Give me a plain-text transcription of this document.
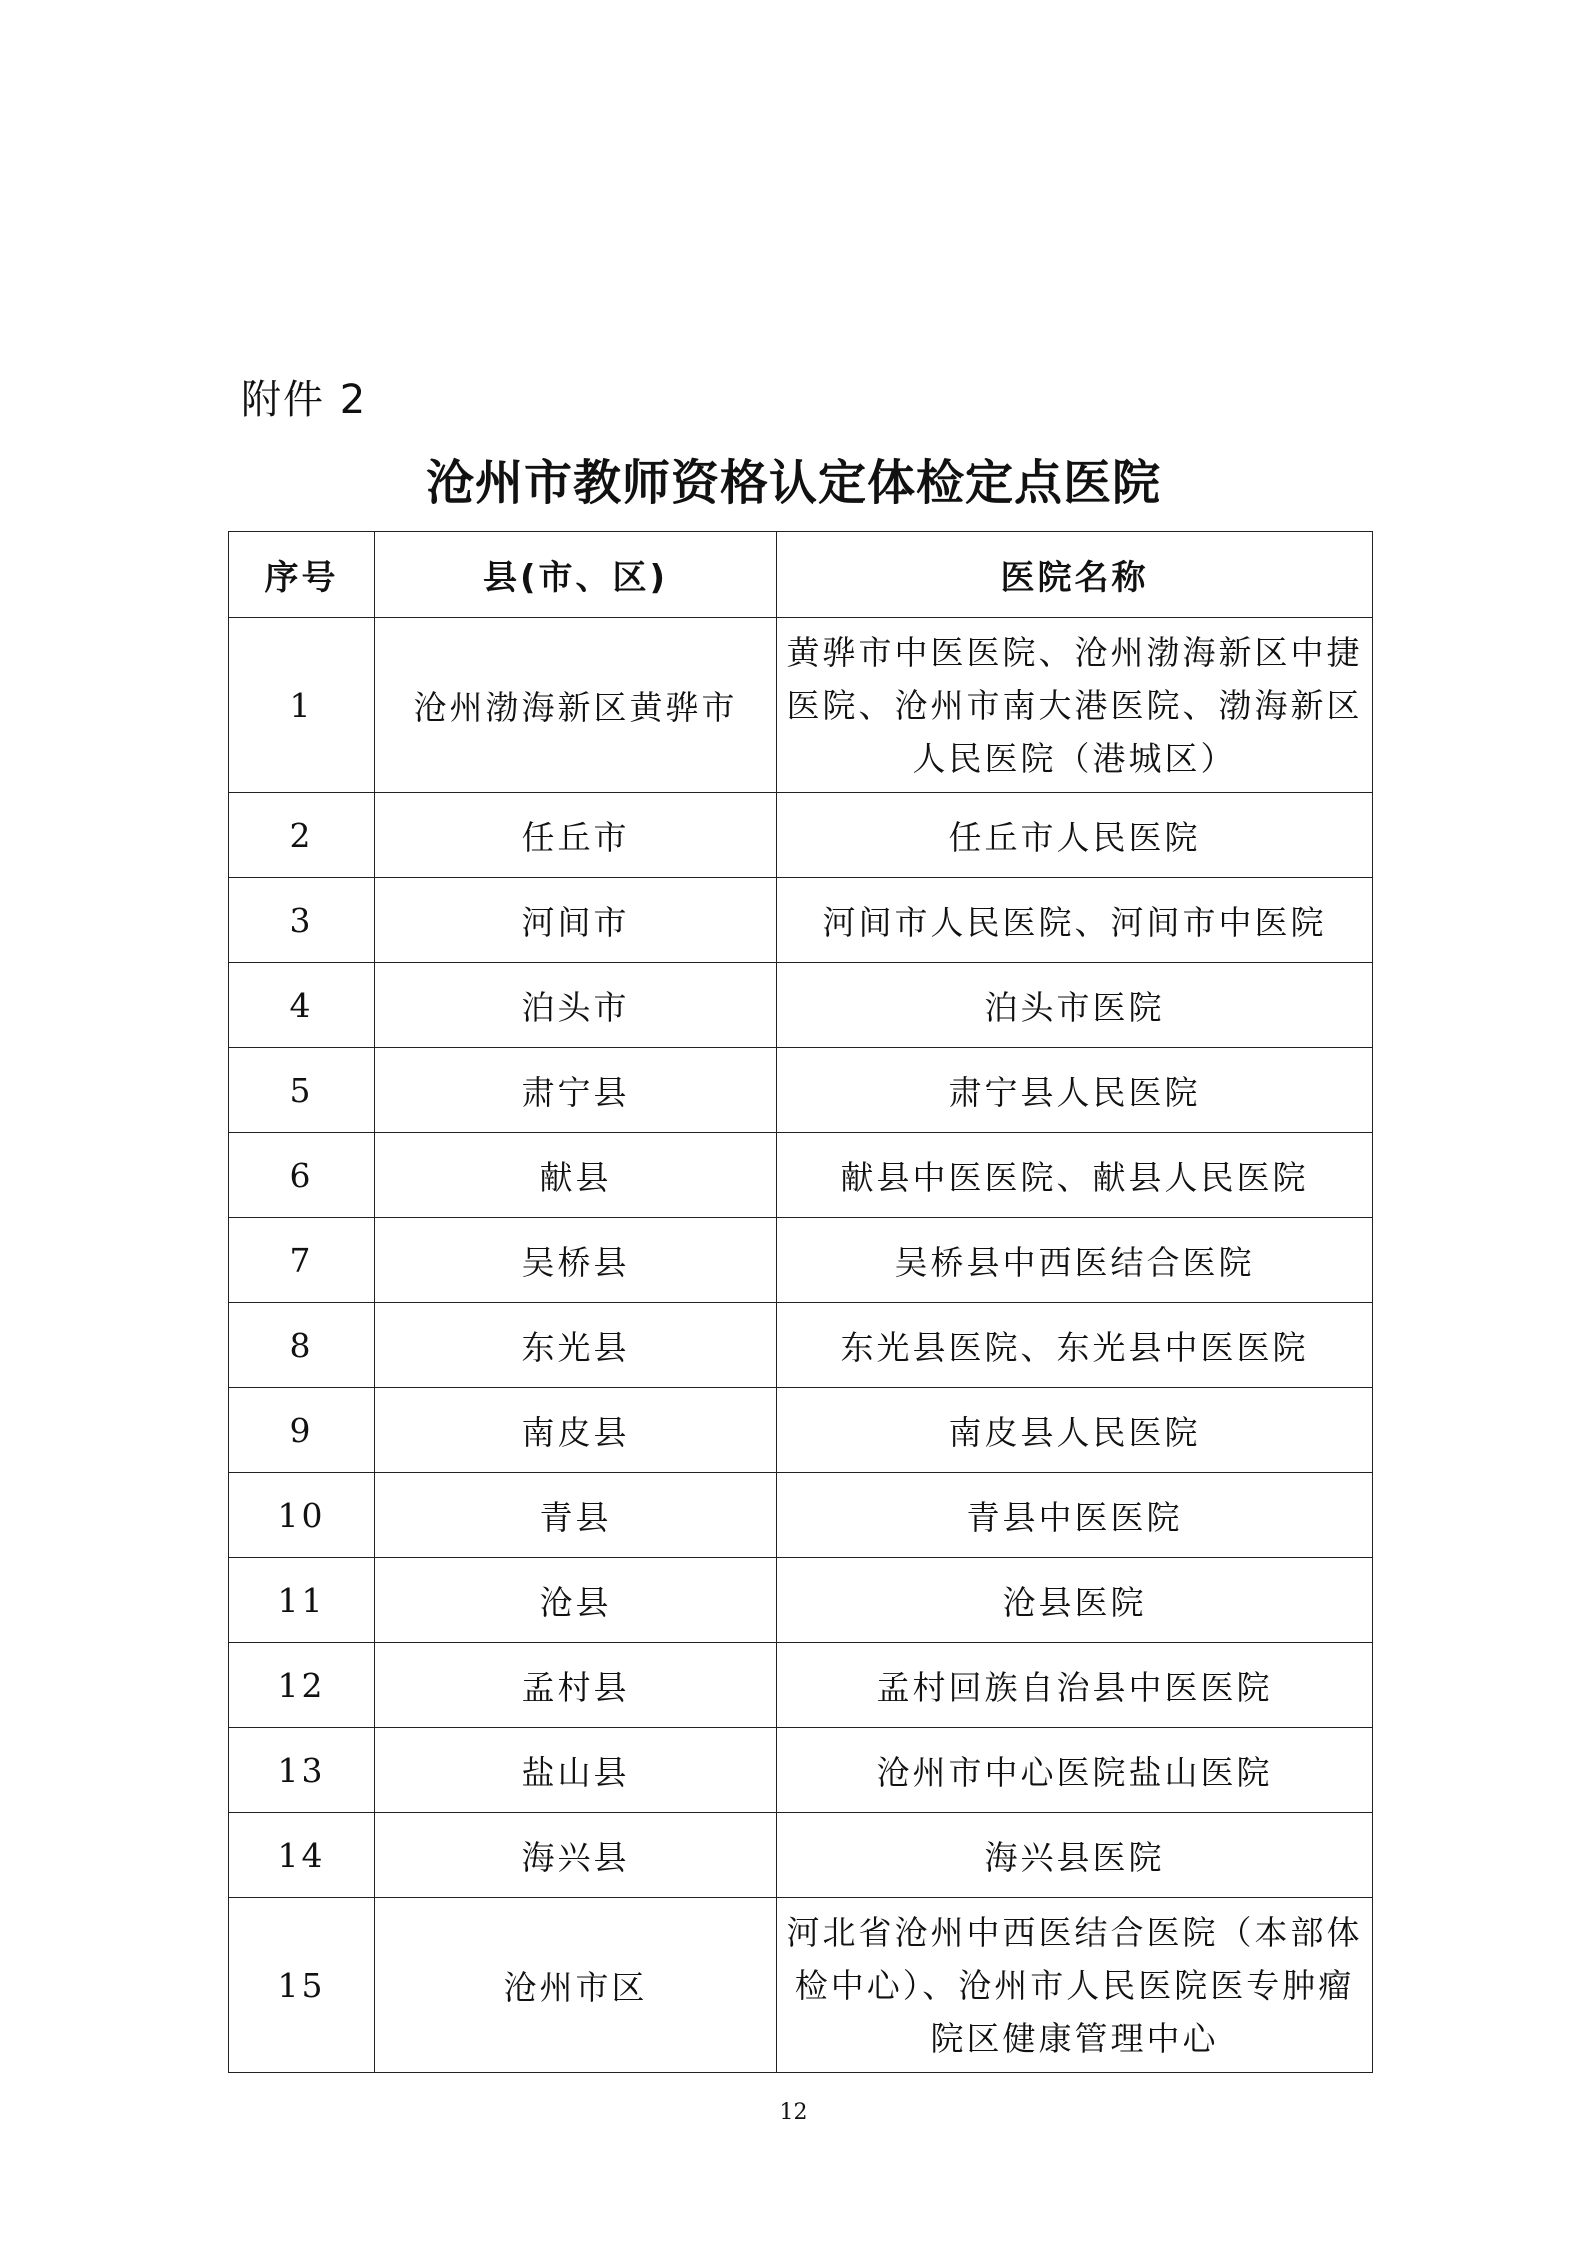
附件 2
沧州市教师资格认定体检定点医院
序号	县(市、区)	医院名称
1	沧州渤海新区黄骅市	黄骅市中医医院、沧州渤海新区中捷医院、沧州市南大港医院、渤海新区人民医院（港城区）
2	任丘市	任丘市人民医院
3	河间市	河间市人民医院、河间市中医院
4	泊头市	泊头市医院
5	肃宁县	肃宁县人民医院
6	献县	献县中医医院、献县人民医院
7	吴桥县	吴桥县中西医结合医院
8	东光县	东光县医院、东光县中医医院
9	南皮县	南皮县人民医院
10	青县	青县中医医院
11	沧县	沧县医院
12	孟村县	孟村回族自治县中医医院
13	盐山县	沧州市中心医院盐山医院
14	海兴县	海兴县医院
15	沧州市区	河北省沧州中西医结合医院（本部体检中心）、沧州市人民医院医专肿瘤院区健康管理中心
12
